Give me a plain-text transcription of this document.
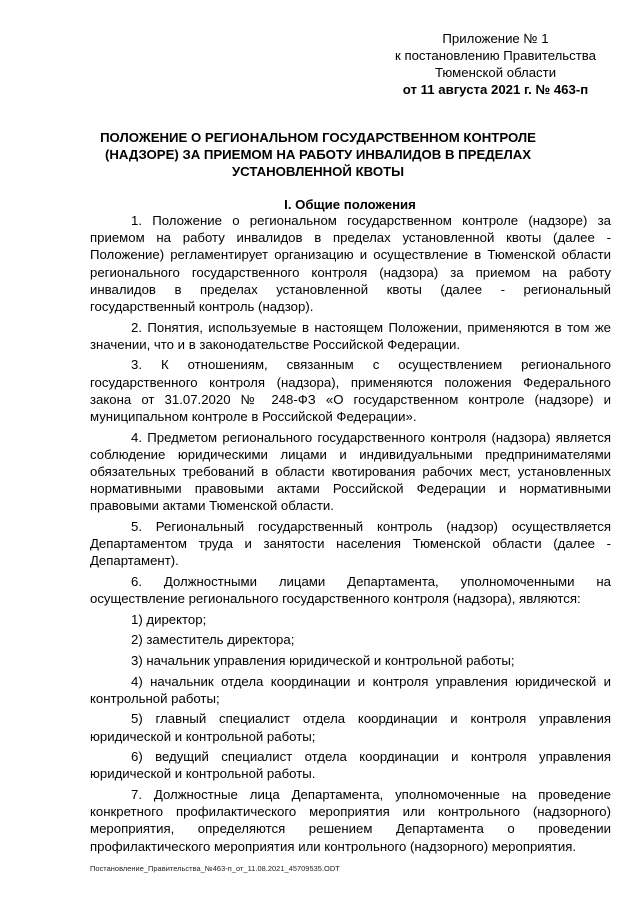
Приложение № 1
к постановлению Правительства
Тюменской области
от 11 августа 2021 г. № 463-п
ПОЛОЖЕНИЕ О РЕГИОНАЛЬНОМ ГОСУДАРСТВЕННОМ КОНТРОЛЕ (НАДЗОРЕ) ЗА ПРИЕМОМ НА РАБОТУ ИНВАЛИДОВ В ПРЕДЕЛАХ УСТАНОВЛЕННОЙ КВОТЫ
I. Общие положения

1. Положение о региональном государственном контроле (надзоре) за приемом на работу инвалидов в пределах установленной квоты (далее - Положение) регламентирует организацию и осуществление в Тюменской области регионального государственного контроля (надзора) за приемом на работу инвалидов в пределах установленной квоты (далее - региональный государственный контроль (надзор).

2. Понятия, используемые в настоящем Положении, применяются в том же значении, что и в законодательстве Российской Федерации.

3. К отношениям, связанным с осуществлением регионального государственного контроля (надзора), применяются положения Федерального закона от 31.07.2020 № 248-ФЗ «О государственном контроле (надзоре) и муниципальном контроле в Российской Федерации».

4. Предметом регионального государственного контроля (надзора) является соблюдение юридическими лицами и индивидуальными предпринимателями обязательных требований в области квотирования рабочих мест, установленных нормативными правовыми актами Российской Федерации и нормативными правовыми актами Тюменской области.

5. Региональный государственный контроль (надзор) осуществляется Департаментом труда и занятости населения Тюменской области (далее - Департамент).

6. Должностными лицами Департамента, уполномоченными на осуществление регионального государственного контроля (надзора), являются:

1) директор;

2) заместитель директора;

3) начальник управления юридической и контрольной работы;

4) начальник отдела координации и контроля управления юридической и контрольной работы;

5) главный специалист отдела координации и контроля управления юридической и контрольной работы;

6) ведущий специалист отдела координации и контроля управления юридической и контрольной работы.

7. Должностные лица Департамента, уполномоченные на проведение конкретного профилактического мероприятия или контрольного (надзорного) мероприятия, определяются решением Департамента о проведении профилактического мероприятия или контрольного (надзорного) мероприятия.

Постановление_Правительства_№463-п_от_11.08.2021_45709535.ODT
